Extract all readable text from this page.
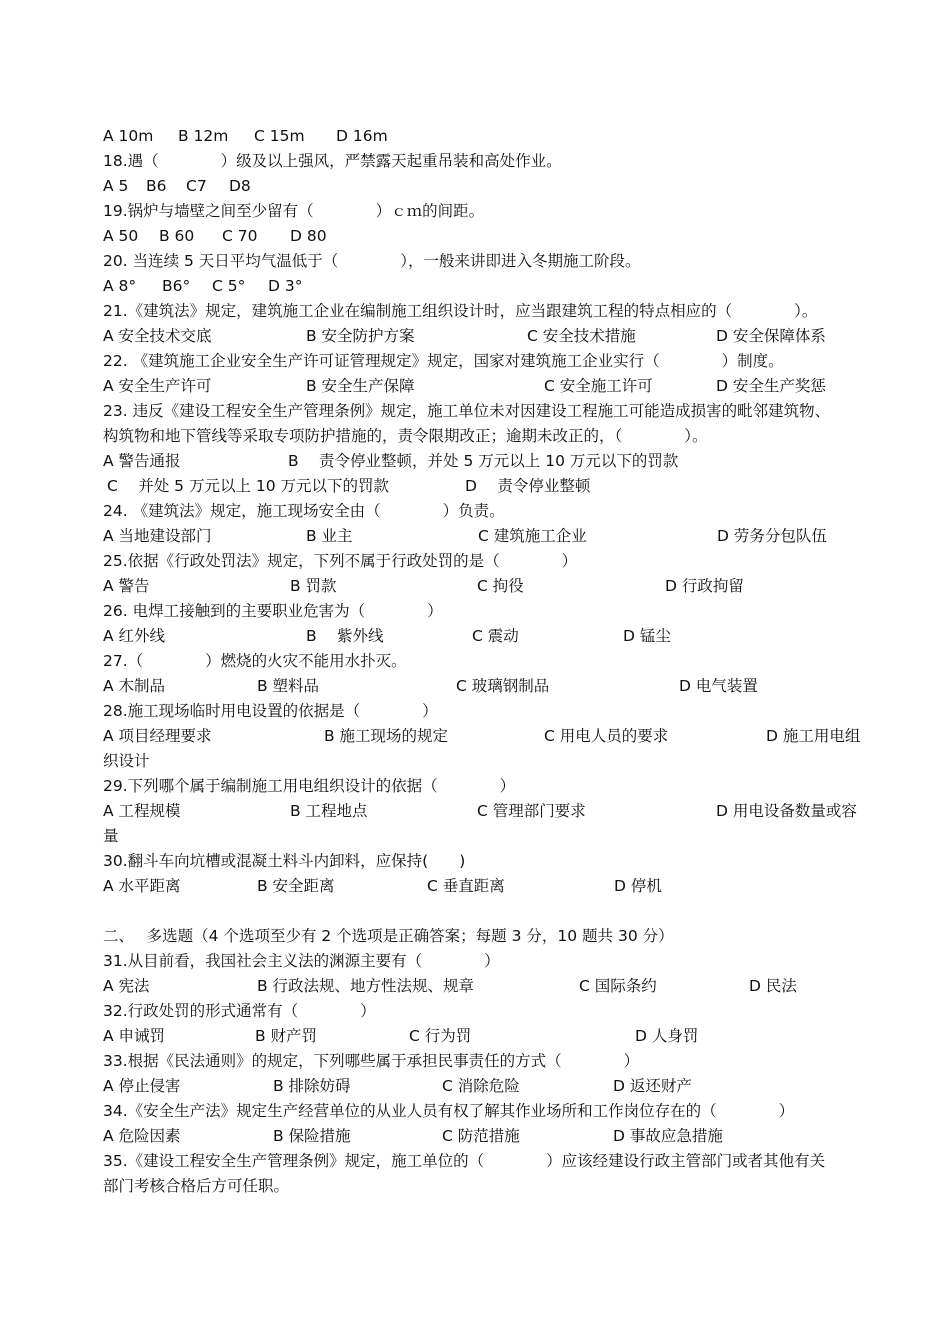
A 10m B 12m C 15m D 16m
18.遇（　　　　）级及以上强风，严禁露天起重吊装和高处作业。
A 5 B6 C7 D8
19.锅炉与墙壁之间至少留有（　　　　）ｃｍ的间距。
A 50 B 60 C 70 D 80
20. 当连续 5 天日平均气温低于（　　　　），一般来讲即进入冬期施工阶段。
A 8° B6° C 5° D 3°
21.《建筑法》规定，建筑施工企业在编制施工组织设计时，应当跟建筑工程的特点相应的（　　　　）。
A 安全技术交底	B 安全防护方案	C 安全技术措施	D 安全保障体系
22. 《建筑施工企业安全生产许可证管理规定》规定，国家对建筑施工企业实行（　　　　）制度。
A 安全生产许可	B 安全生产保障	C 安全施工许可	D 安全生产奖惩
23. 违反《建设工程安全生产管理条例》规定，施工单位未对因建设工程施工可能造成损害的毗邻建筑物、
构筑物和地下管线等采取专项防护措施的，责令限期改正；逾期未改正的，（　　　　）。
A 警告通报	B　 责令停业整顿，并处 5 万元以上 10 万元以下的罚款
C　 并处 5 万元以上 10 万元以下的罚款	D　 责令停业整顿
24. 《建筑法》规定，施工现场安全由（　　　　）负责。
A 当地建设部门	B 业主	C 建筑施工企业	D 劳务分包队伍
25.依据《行政处罚法》规定，下列不属于行政处罚的是（　　　　）
A 警告	B 罚款	C 拘役	D 行政拘留
26. 电焊工接触到的主要职业危害为（　　　　）
A 红外线	B　 紫外线	C 震动	D 锰尘
27.（　　　　）燃烧的火灾不能用水扑灭。
A 木制品	B 塑料品	C 玻璃钢制品	D 电气装置
28.施工现场临时用电设置的依据是（　　　　）
A 项目经理要求	B 施工现场的规定	C 用电人员的要求	D 施工用电组
织设计
29.下列哪个属于编制施工用电组织设计的依据（　　　　）
A 工程规模	B 工程地点	C 管理部门要求	D 用电设备数量或容
量
30.翻斗车向坑槽或混凝土料斗内卸料，应保持(　　)
A 水平距离	B 安全距离	C 垂直距离	D 停机
二、　 多选题（4 个选项至少有 2 个选项是正确答案；每题 3 分，10 题共 30 分）
31.从目前看，我国社会主义法的渊源主要有（　　　　）
A 宪法	B 行政法规、地方性法规、规章	C 国际条约	D 民法
32.行政处罚的形式通常有（　　　　）
A 申诫罚	B 财产罚	C 行为罚	D 人身罚
33.根据《民法通则》的规定，下列哪些属于承担民事责任的方式（　　　　）
A 停止侵害	B 排除妨碍	C 消除危险	D 返还财产
34.《安全生产法》规定生产经营单位的从业人员有权了解其作业场所和工作岗位存在的（　　　　）
A 危险因素	B 保险措施	C 防范措施	D 事故应急措施
35.《建设工程安全生产管理条例》规定，施工单位的（　　　　）应该经建设行政主管部门或者其他有关
部门考核合格后方可任职。
